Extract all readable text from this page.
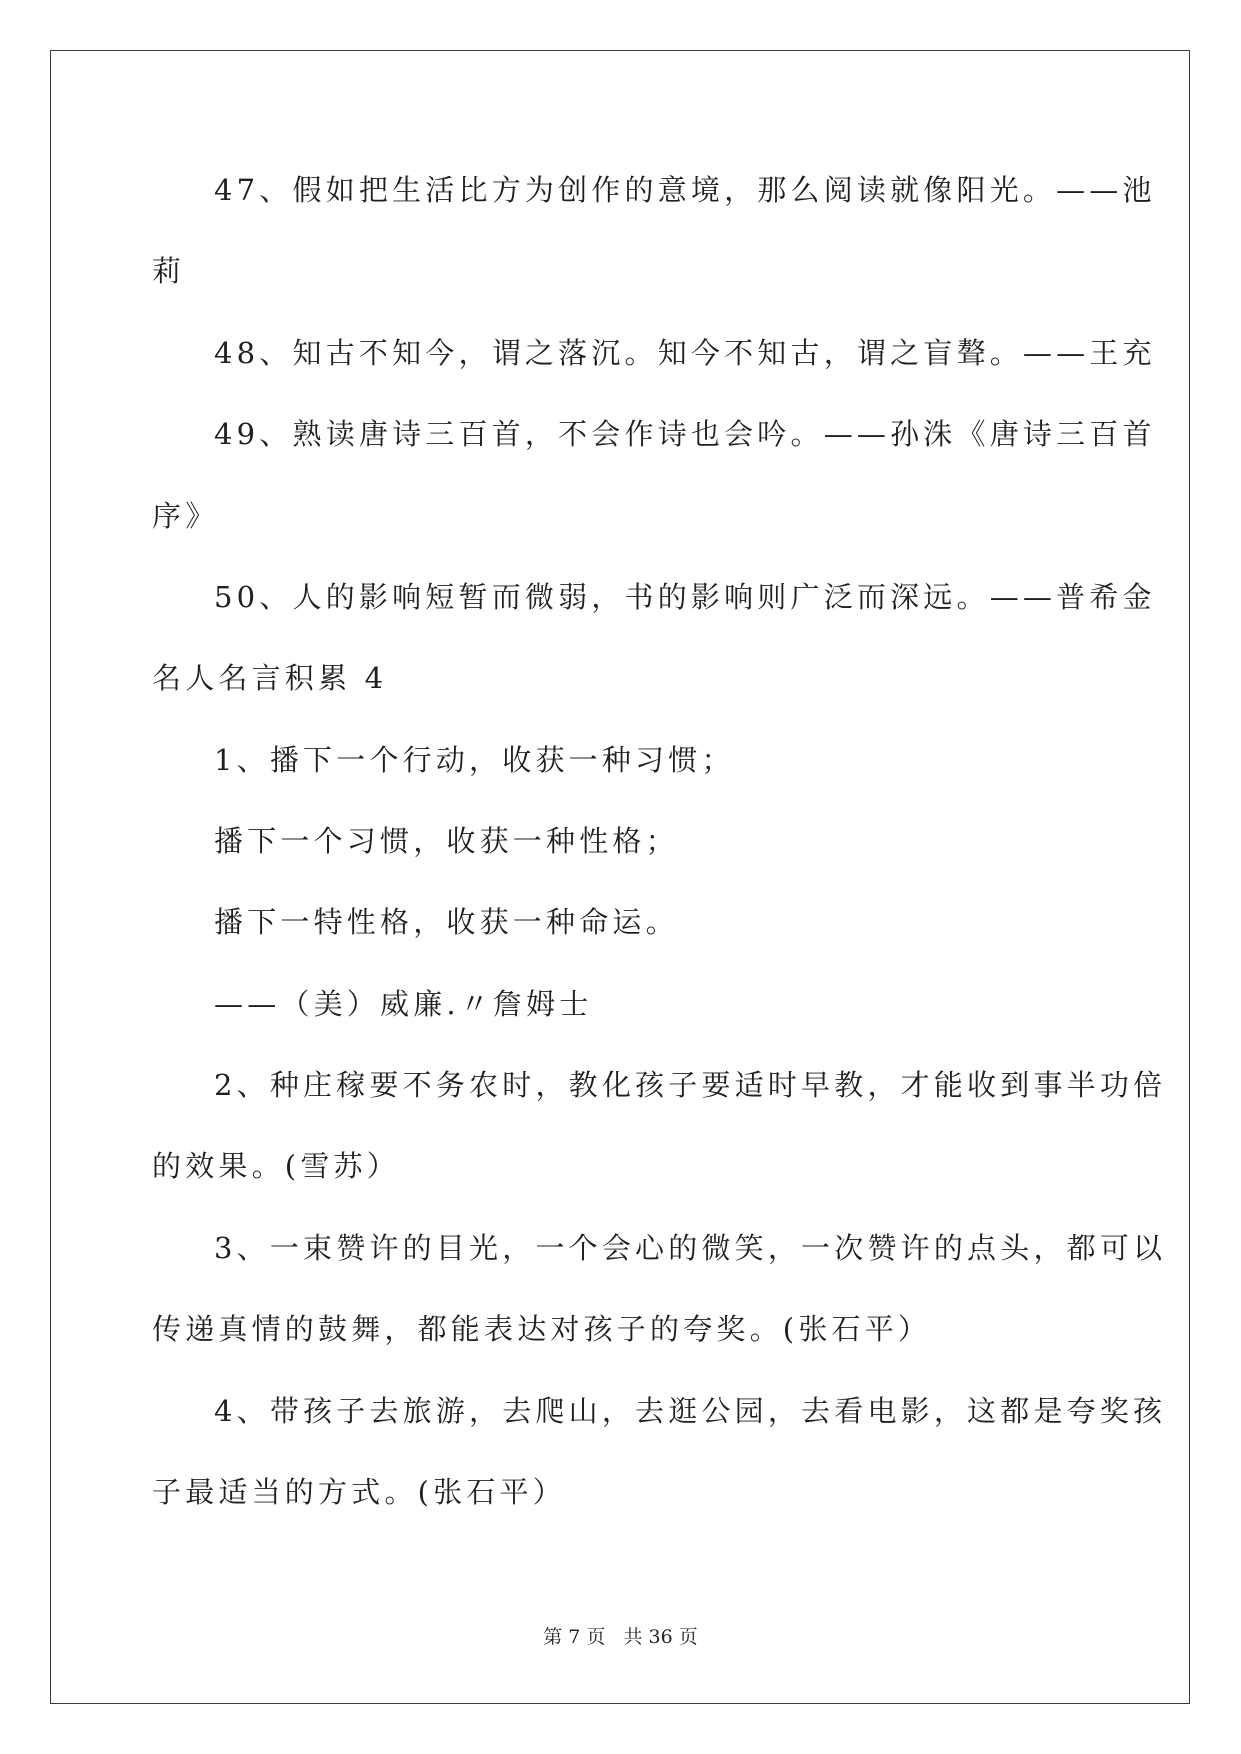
47、假如把生活比方为创作的意境，那么阅读就像阳光。——池
莉
48、知古不知今，谓之落沉。知今不知古，谓之盲聱。——王充
49、熟读唐诗三百首，不会作诗也会吟。——孙洙《唐诗三百首
序》
50、人的影响短暂而微弱，书的影响则广泛而深远。——普希金
名人名言积累 4
1、播下一个行动，收获一种习惯；
播下一个习惯，收获一种性格；
播下一特性格，收获一种命运。
——（美）威廉.〃詹姆士
2、种庄稼要不务农时，教化孩子要适时早教，才能收到事半功倍
的效果。(雪苏）
3、一束赞许的目光，一个会心的微笑，一次赞许的点头，都可以
传递真情的鼓舞，都能表达对孩子的夸奖。(张石平）
4、带孩子去旅游，去爬山，去逛公园，去看电影，这都是夸奖孩
子最适当的方式。(张石平）
第 7 页 共 36 页
